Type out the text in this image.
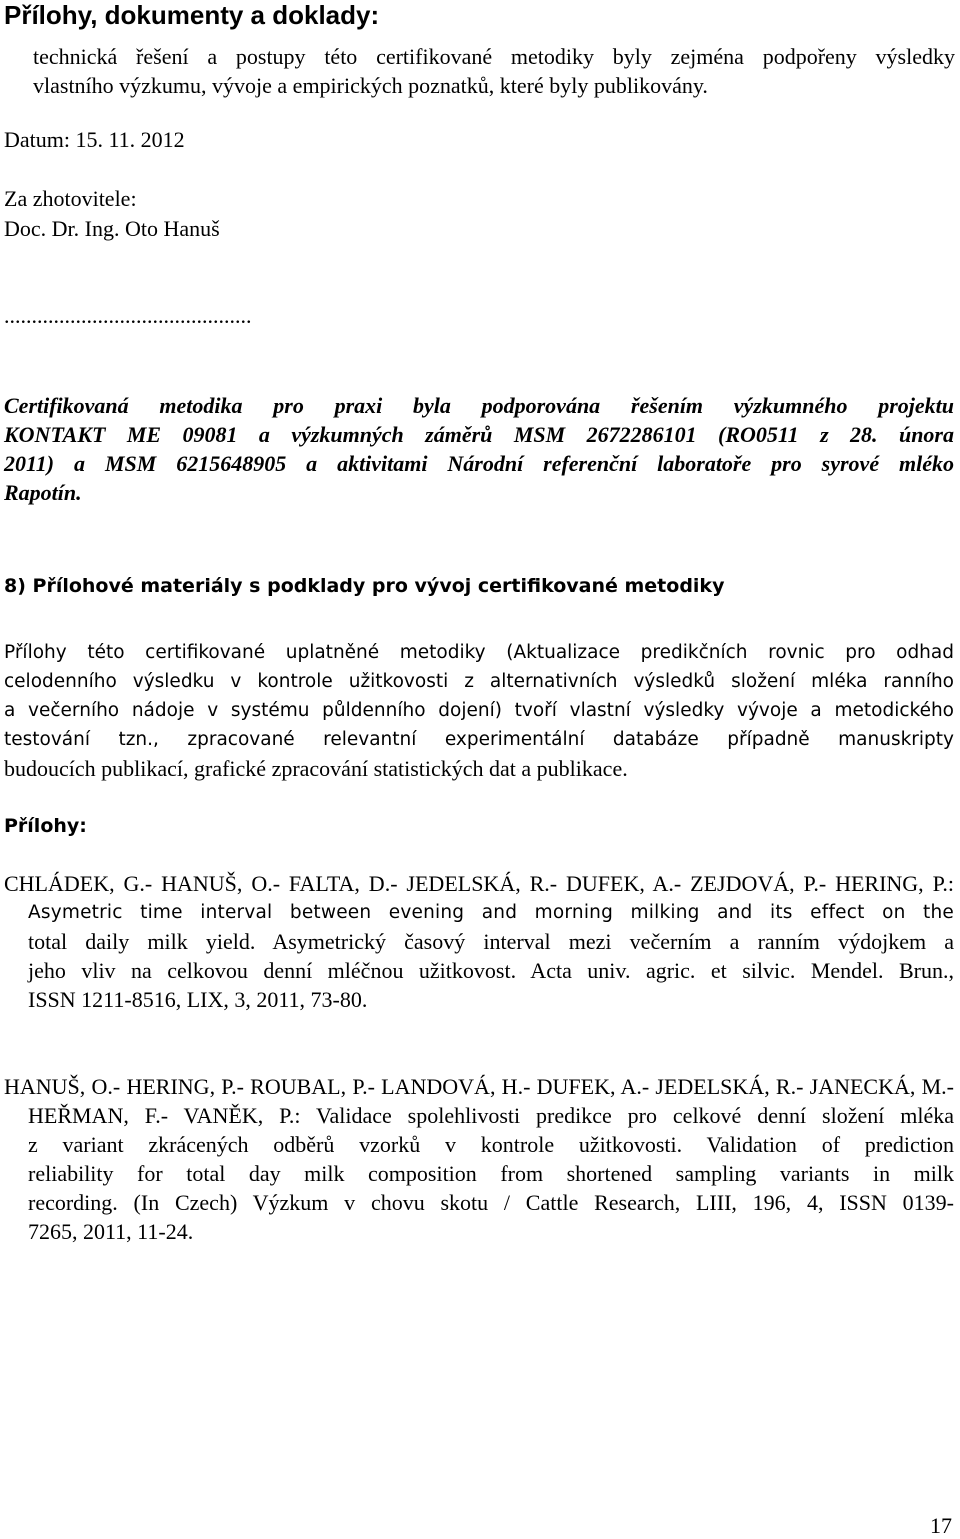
Přílohy, dokumenty a doklady:
technická řešení a postupy této certifikované metodiky byly zejména podpořeny výsledky
vlastního výzkumu, vývoje a empirických poznatků, které byly publikovány.
Datum: 15. 11. 2012
Za zhotovitele:
Doc. Dr. Ing. Oto Hanuš
.............................................
Certifikovaná metodika pro praxi byla podporována řešením výzkumného projektu
KONTAKT ME 09081 a výzkumných záměrů MSM 2672286101 (RO0511 z 28. února
2011) a MSM 6215648905 a aktivitami Národní referenční laboratoře pro syrové mléko
Rapotín.
8) Přílohové materiály s podklady pro vývoj certifikované metodiky
Přílohy této certifikované uplatněné metodiky (Aktualizace predikčních rovnic pro odhad
celodenního výsledku v kontrole užitkovosti z alternativních výsledků složení mléka ranního
a večerního nádoje v systému půldenního dojení) tvoří vlastní výsledky vývoje a metodického
testování tzn., zpracované relevantní experimentální databáze případně manuskripty
budoucích publikací, grafické zpracování statistických dat a publikace.
Přílohy:
CHLÁDEK, G.- HANUŠ, O.- FALTA, D.- JEDELSKÁ, R.- DUFEK, A.- ZEJDOVÁ, P.- HERING, P.:
Asymetric time interval between evening and morning milking and its effect on the
total daily milk yield. Asymetrický časový interval mezi večerním a ranním výdojkem a
jeho vliv na celkovou denní mléčnou užitkovost. Acta univ. agric. et silvic. Mendel. Brun.,
ISSN 1211-8516, LIX, 3, 2011, 73-80.
HANUŠ, O.- HERING, P.- ROUBAL, P.- LANDOVÁ, H.- DUFEK, A.- JEDELSKÁ, R.- JANECKÁ, M.-
HEŘMAN, F.- VANĚK, P.: Validace spolehlivosti predikce pro celkové denní složení mléka
z variant zkrácených odběrů vzorků v kontrole užitkovosti. Validation of prediction
reliability for total day milk composition from shortened sampling variants in milk
recording. (In Czech) Výzkum v chovu skotu / Cattle Research, LIII, 196, 4, ISSN 0139-
7265, 2011, 11-24.
17
